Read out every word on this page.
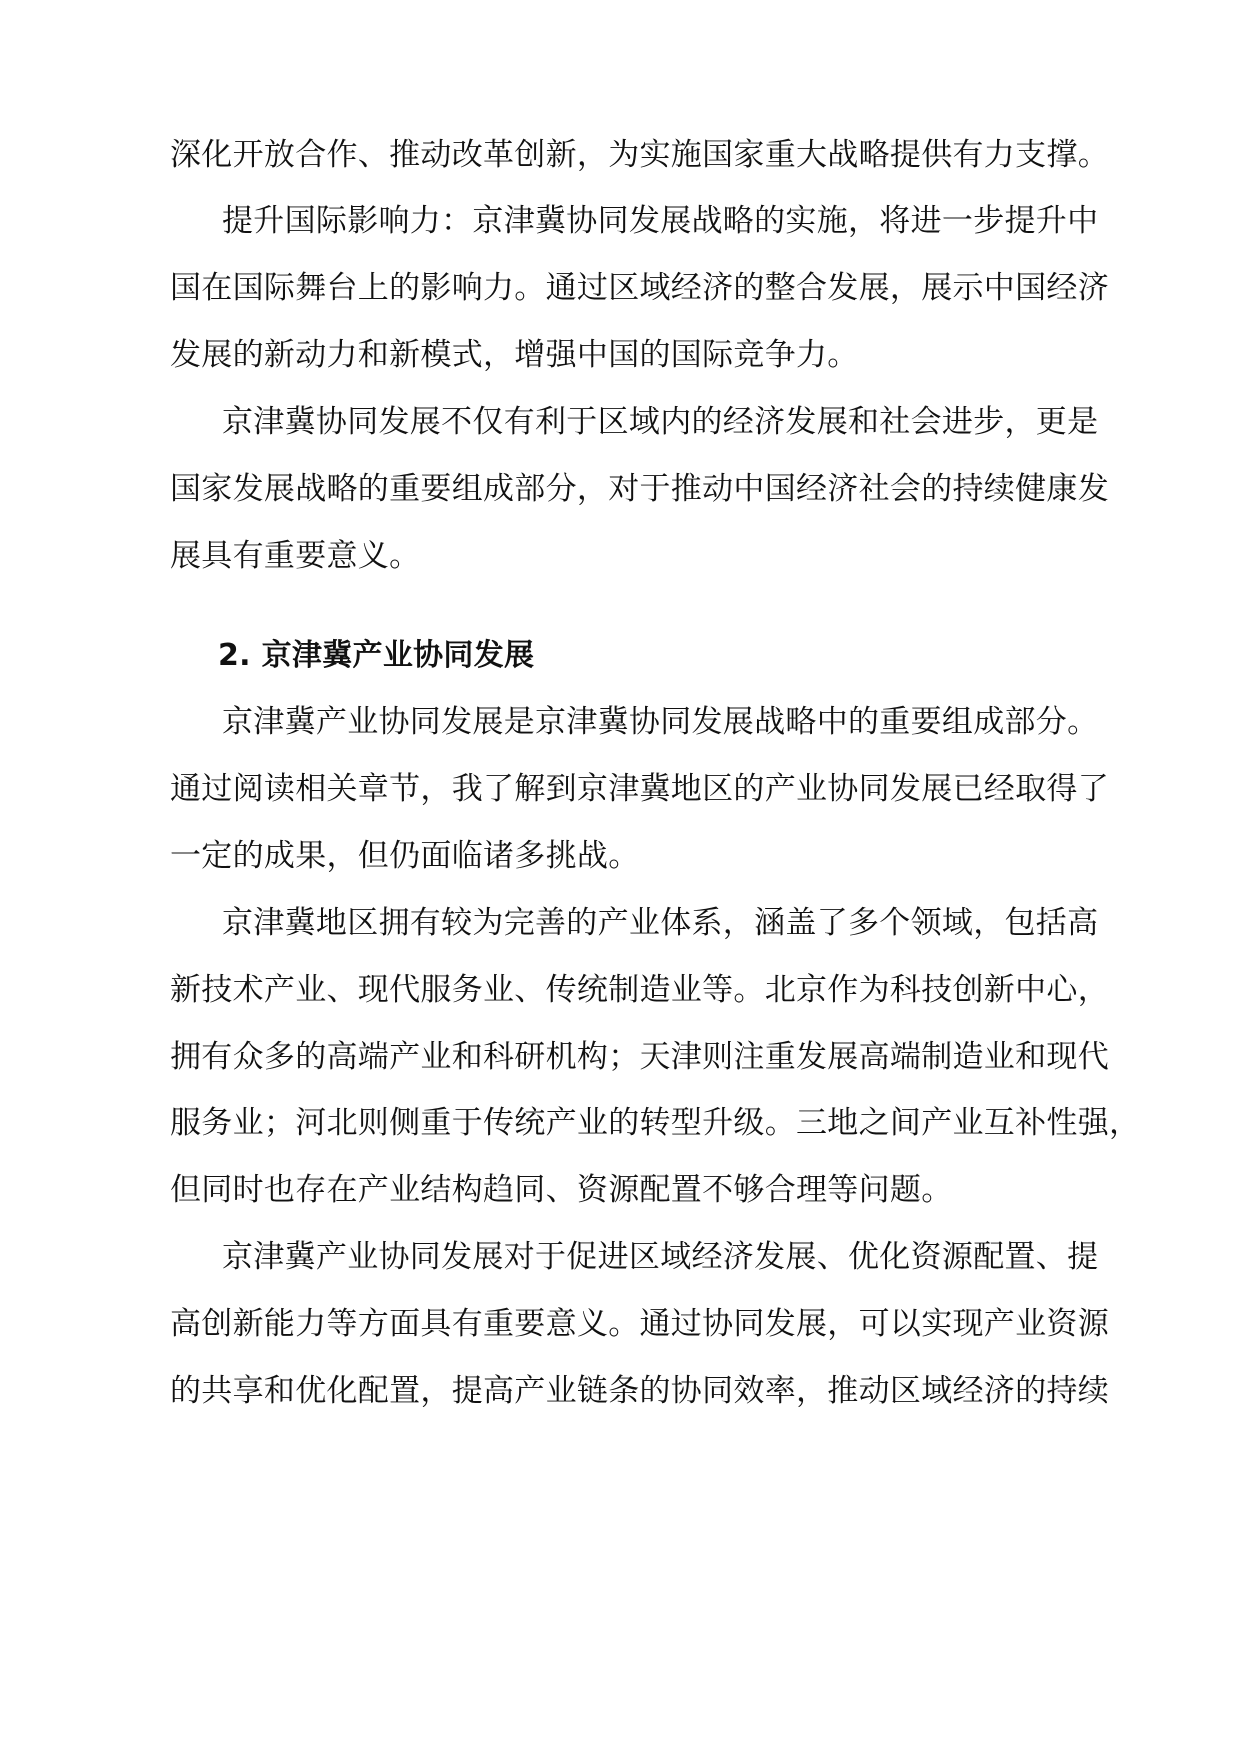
深化开放合作、推动改革创新，为实施国家重大战略提供有力支撑。
提升国际影响力：京津冀协同发展战略的实施，将进一步提升中
国在国际舞台上的影响力。通过区域经济的整合发展，展示中国经济
发展的新动力和新模式，增强中国的国际竞争力。
京津冀协同发展不仅有利于区域内的经济发展和社会进步，更是
国家发展战略的重要组成部分，对于推动中国经济社会的持续健康发
展具有重要意义。
2. 京津冀产业协同发展
京津冀产业协同发展是京津冀协同发展战略中的重要组成部分。
通过阅读相关章节，我了解到京津冀地区的产业协同发展已经取得了
一定的成果，但仍面临诸多挑战。
京津冀地区拥有较为完善的产业体系，涵盖了多个领域，包括高
新技术产业、现代服务业、传统制造业等。北京作为科技创新中心，
拥有众多的高端产业和科研机构；天津则注重发展高端制造业和现代
服务业；河北则侧重于传统产业的转型升级。三地之间产业互补性强，
但同时也存在产业结构趋同、资源配置不够合理等问题。
京津冀产业协同发展对于促进区域经济发展、优化资源配置、提
高创新能力等方面具有重要意义。通过协同发展，可以实现产业资源
的共享和优化配置，提高产业链条的协同效率，推动区域经济的持续
